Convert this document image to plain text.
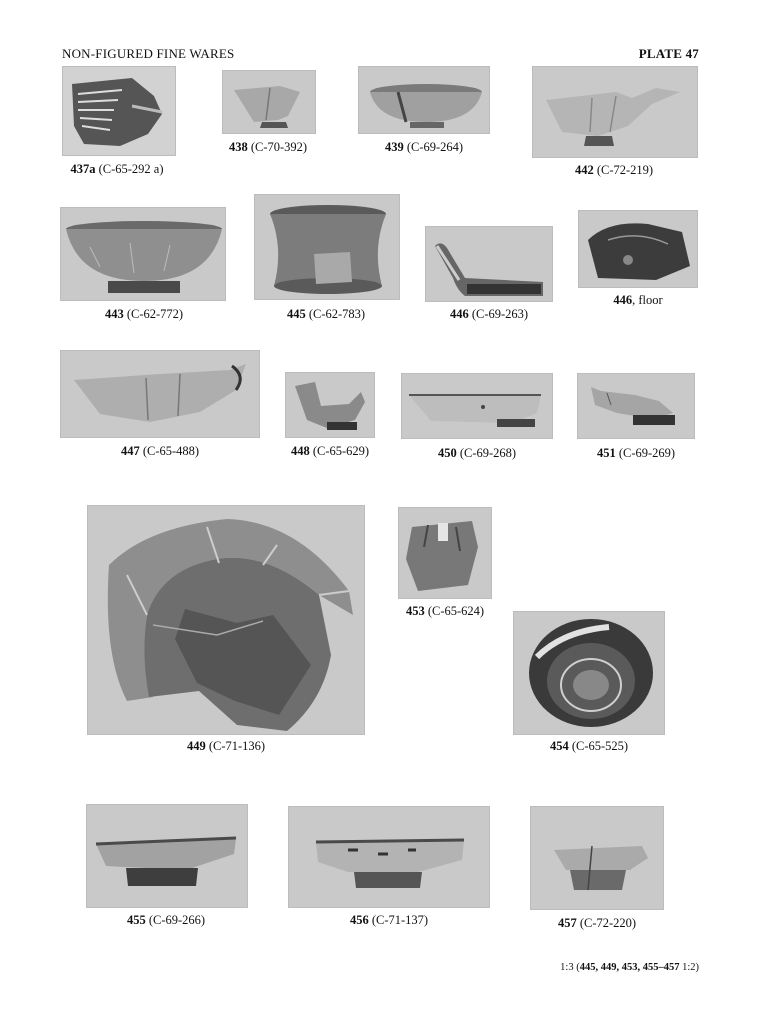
NON-FIGURED FINE WARES	PLATE 47
437a (C-65-292 a)
438 (C-70-392)	439 (C-69-264)
442 (C-72-219)
443 (C-62-772)	445 (C-62-783)	446 (C-69-263)
446, floor
447 (C-65-488)	448 (C-65-629)	450 (C-69-268)	451 (C-69-269)
449 (C-71-136)
453 (C-65-624)
454 (C-65-525)
455 (C-69-266)	456 (C-71-137)	457 (C-72-220)
1:3 (445, 449, 453, 455–457 1:2)
